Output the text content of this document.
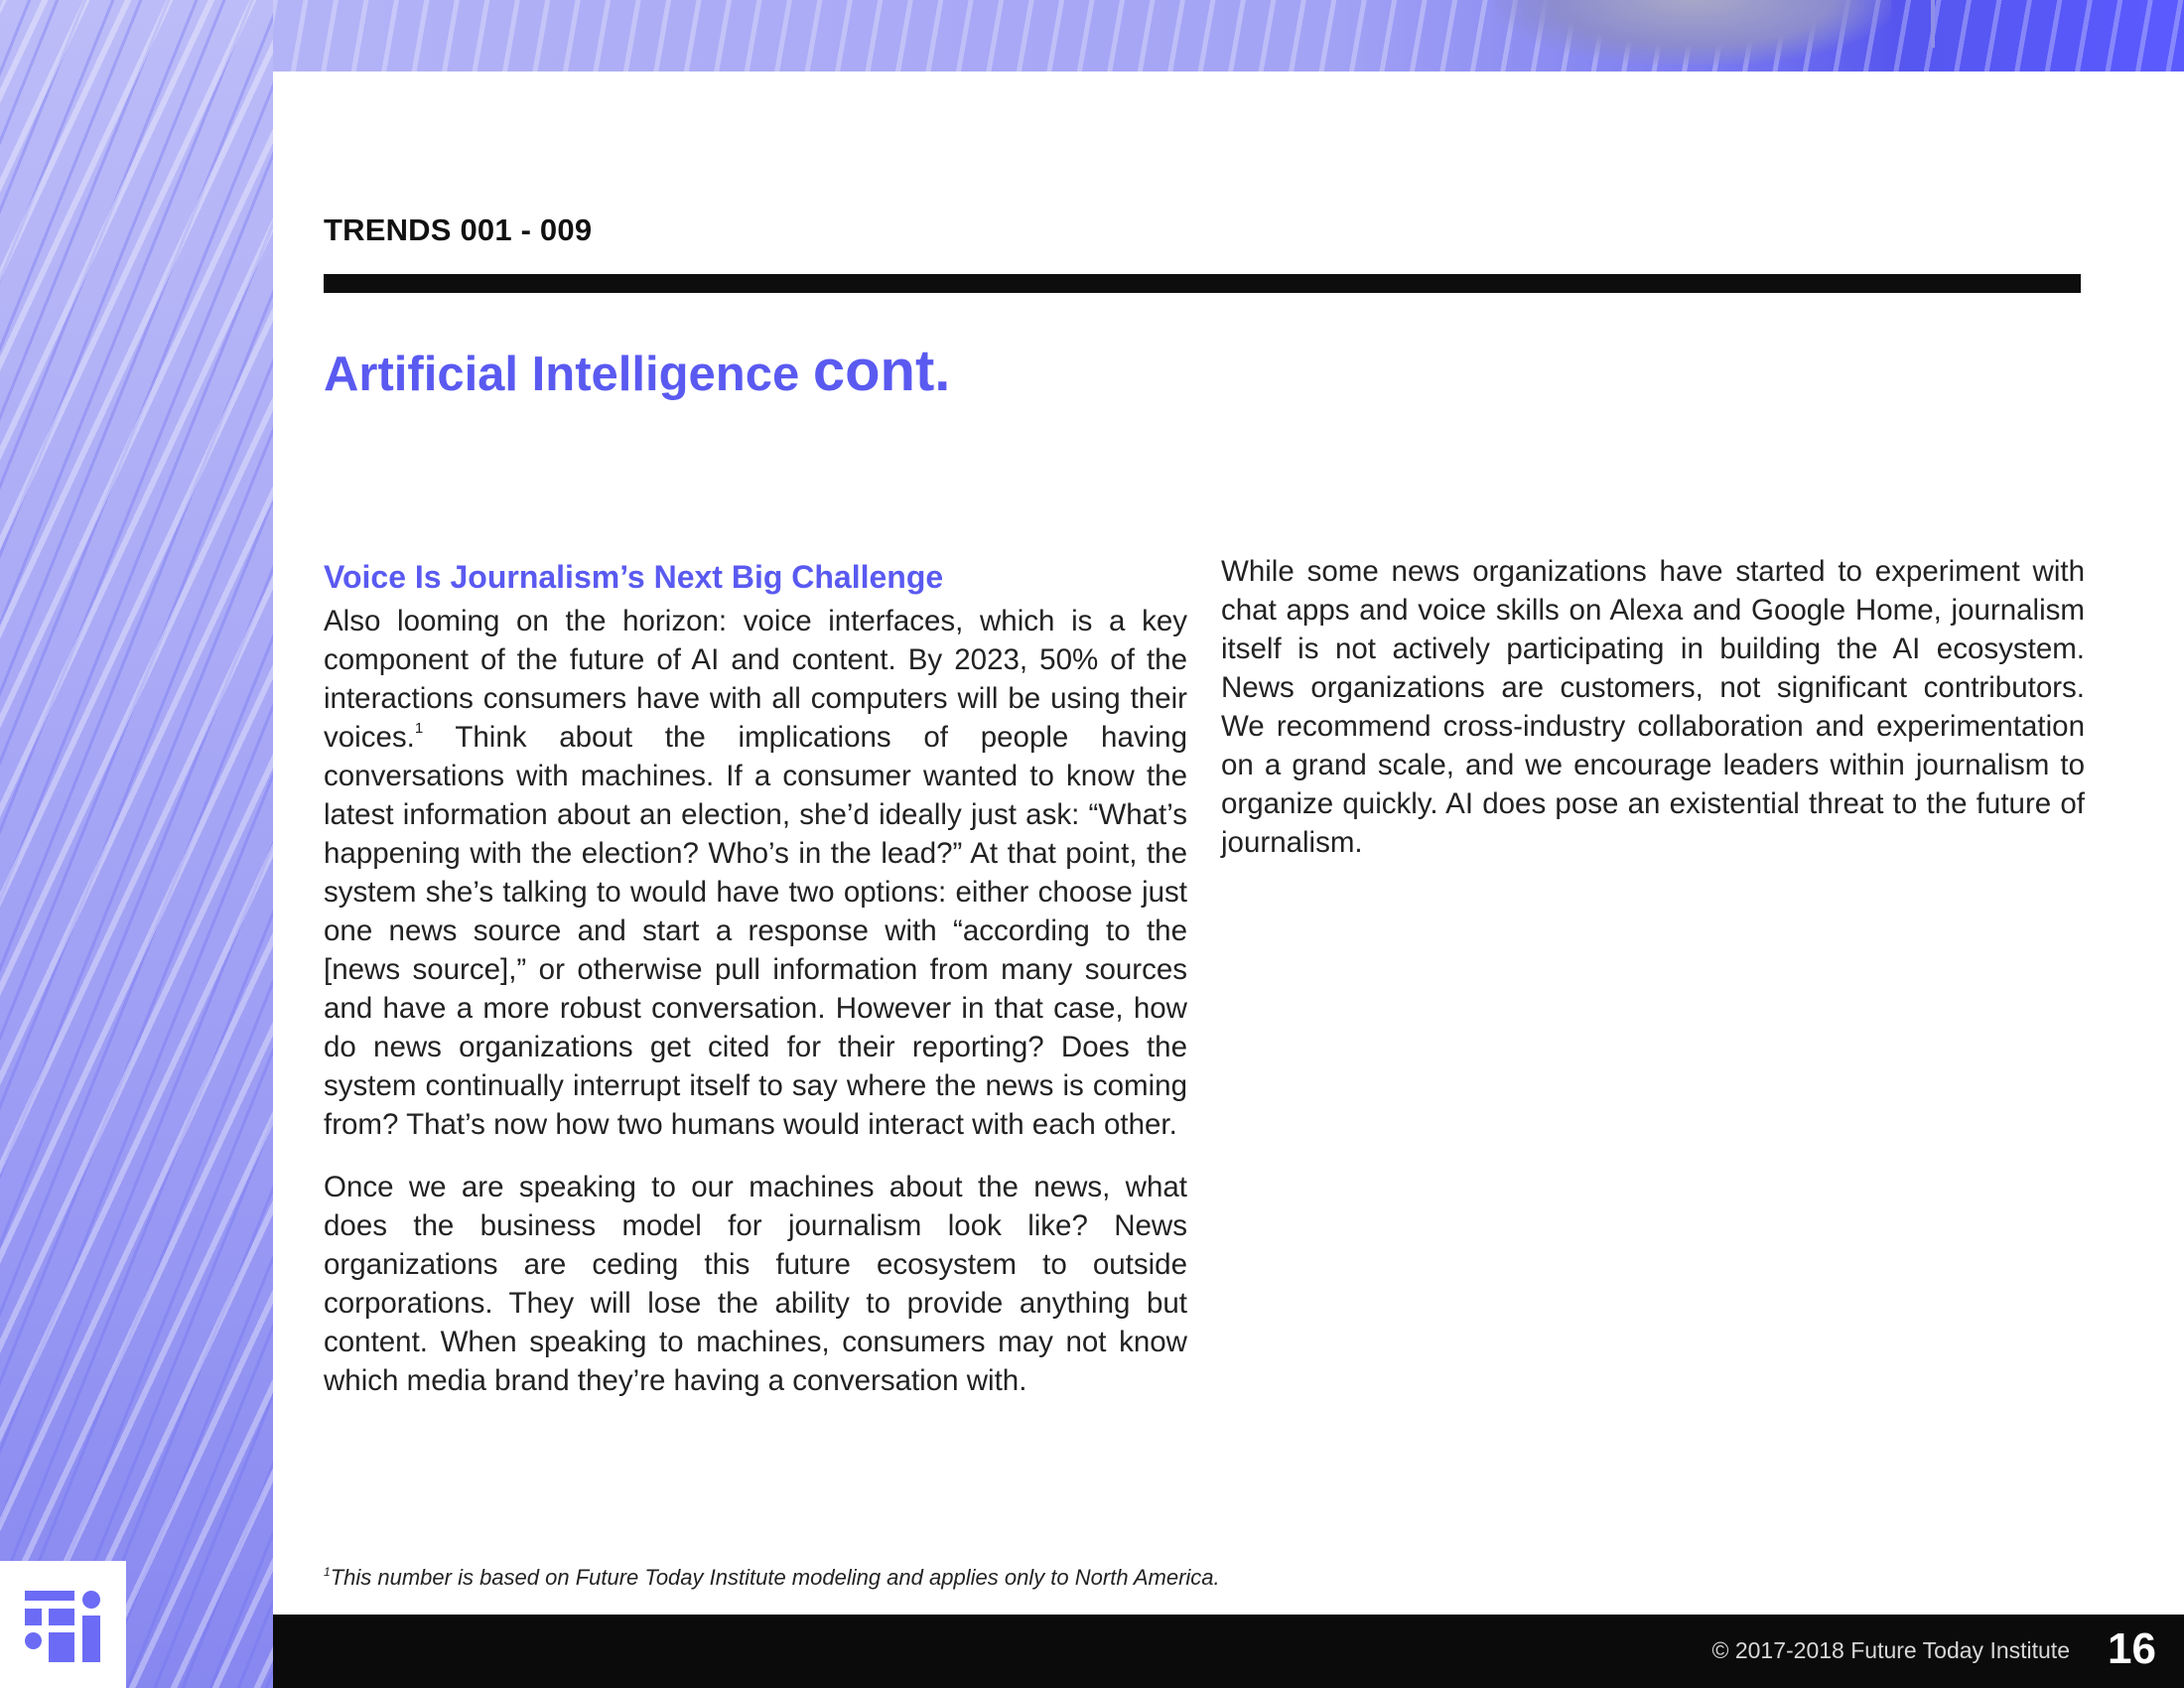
TRENDS 001 - 009
Artificial Intelligence cont.
Voice Is Journalism’s Next Big Challenge

Also looming on the horizon: voice interfaces, which is a key component of the future of AI and content. By 2023, 50% of the interactions consumers have with all computers will be using their voices.$^1$ Think about the implications of people having conversations with machines. If a consumer wanted to know the latest information about an election, she’d ideally just ask: “What’s happening with the election? Who’s in the lead?” At that point, the system she’s talking to would have two options: either choose just one news source and start a response with “according to the [news source],” or otherwise pull information from many sources and have a more robust conversation. However in that case, how do news organizations get cited for their reporting? Does the system continually interrupt itself to say where the news is coming from? That’s now how two humans would interact with each other.

Once we are speaking to our machines about the news, what does the business model for journalism look like? News organizations are ceding this future ecosystem to outside corporations. They will lose the ability to provide anything but content. When speaking to machines, consumers may not know which media brand they’re having a conversation with.

While some news organizations have started to experiment with chat apps and voice skills on Alexa and Google Home, journalism itself is not actively participating in building the AI ecosystem. News organizations are customers, not significant contributors. We recommend cross-industry collaboration and experimentation on a grand scale, and we encourage leaders within journalism to organize quickly. AI does pose an existential threat to the future of journalism.

$^1$This number is based on Future Today Institute modeling and applies only to North America.
© 2017-2018 Future Today Institute 16
